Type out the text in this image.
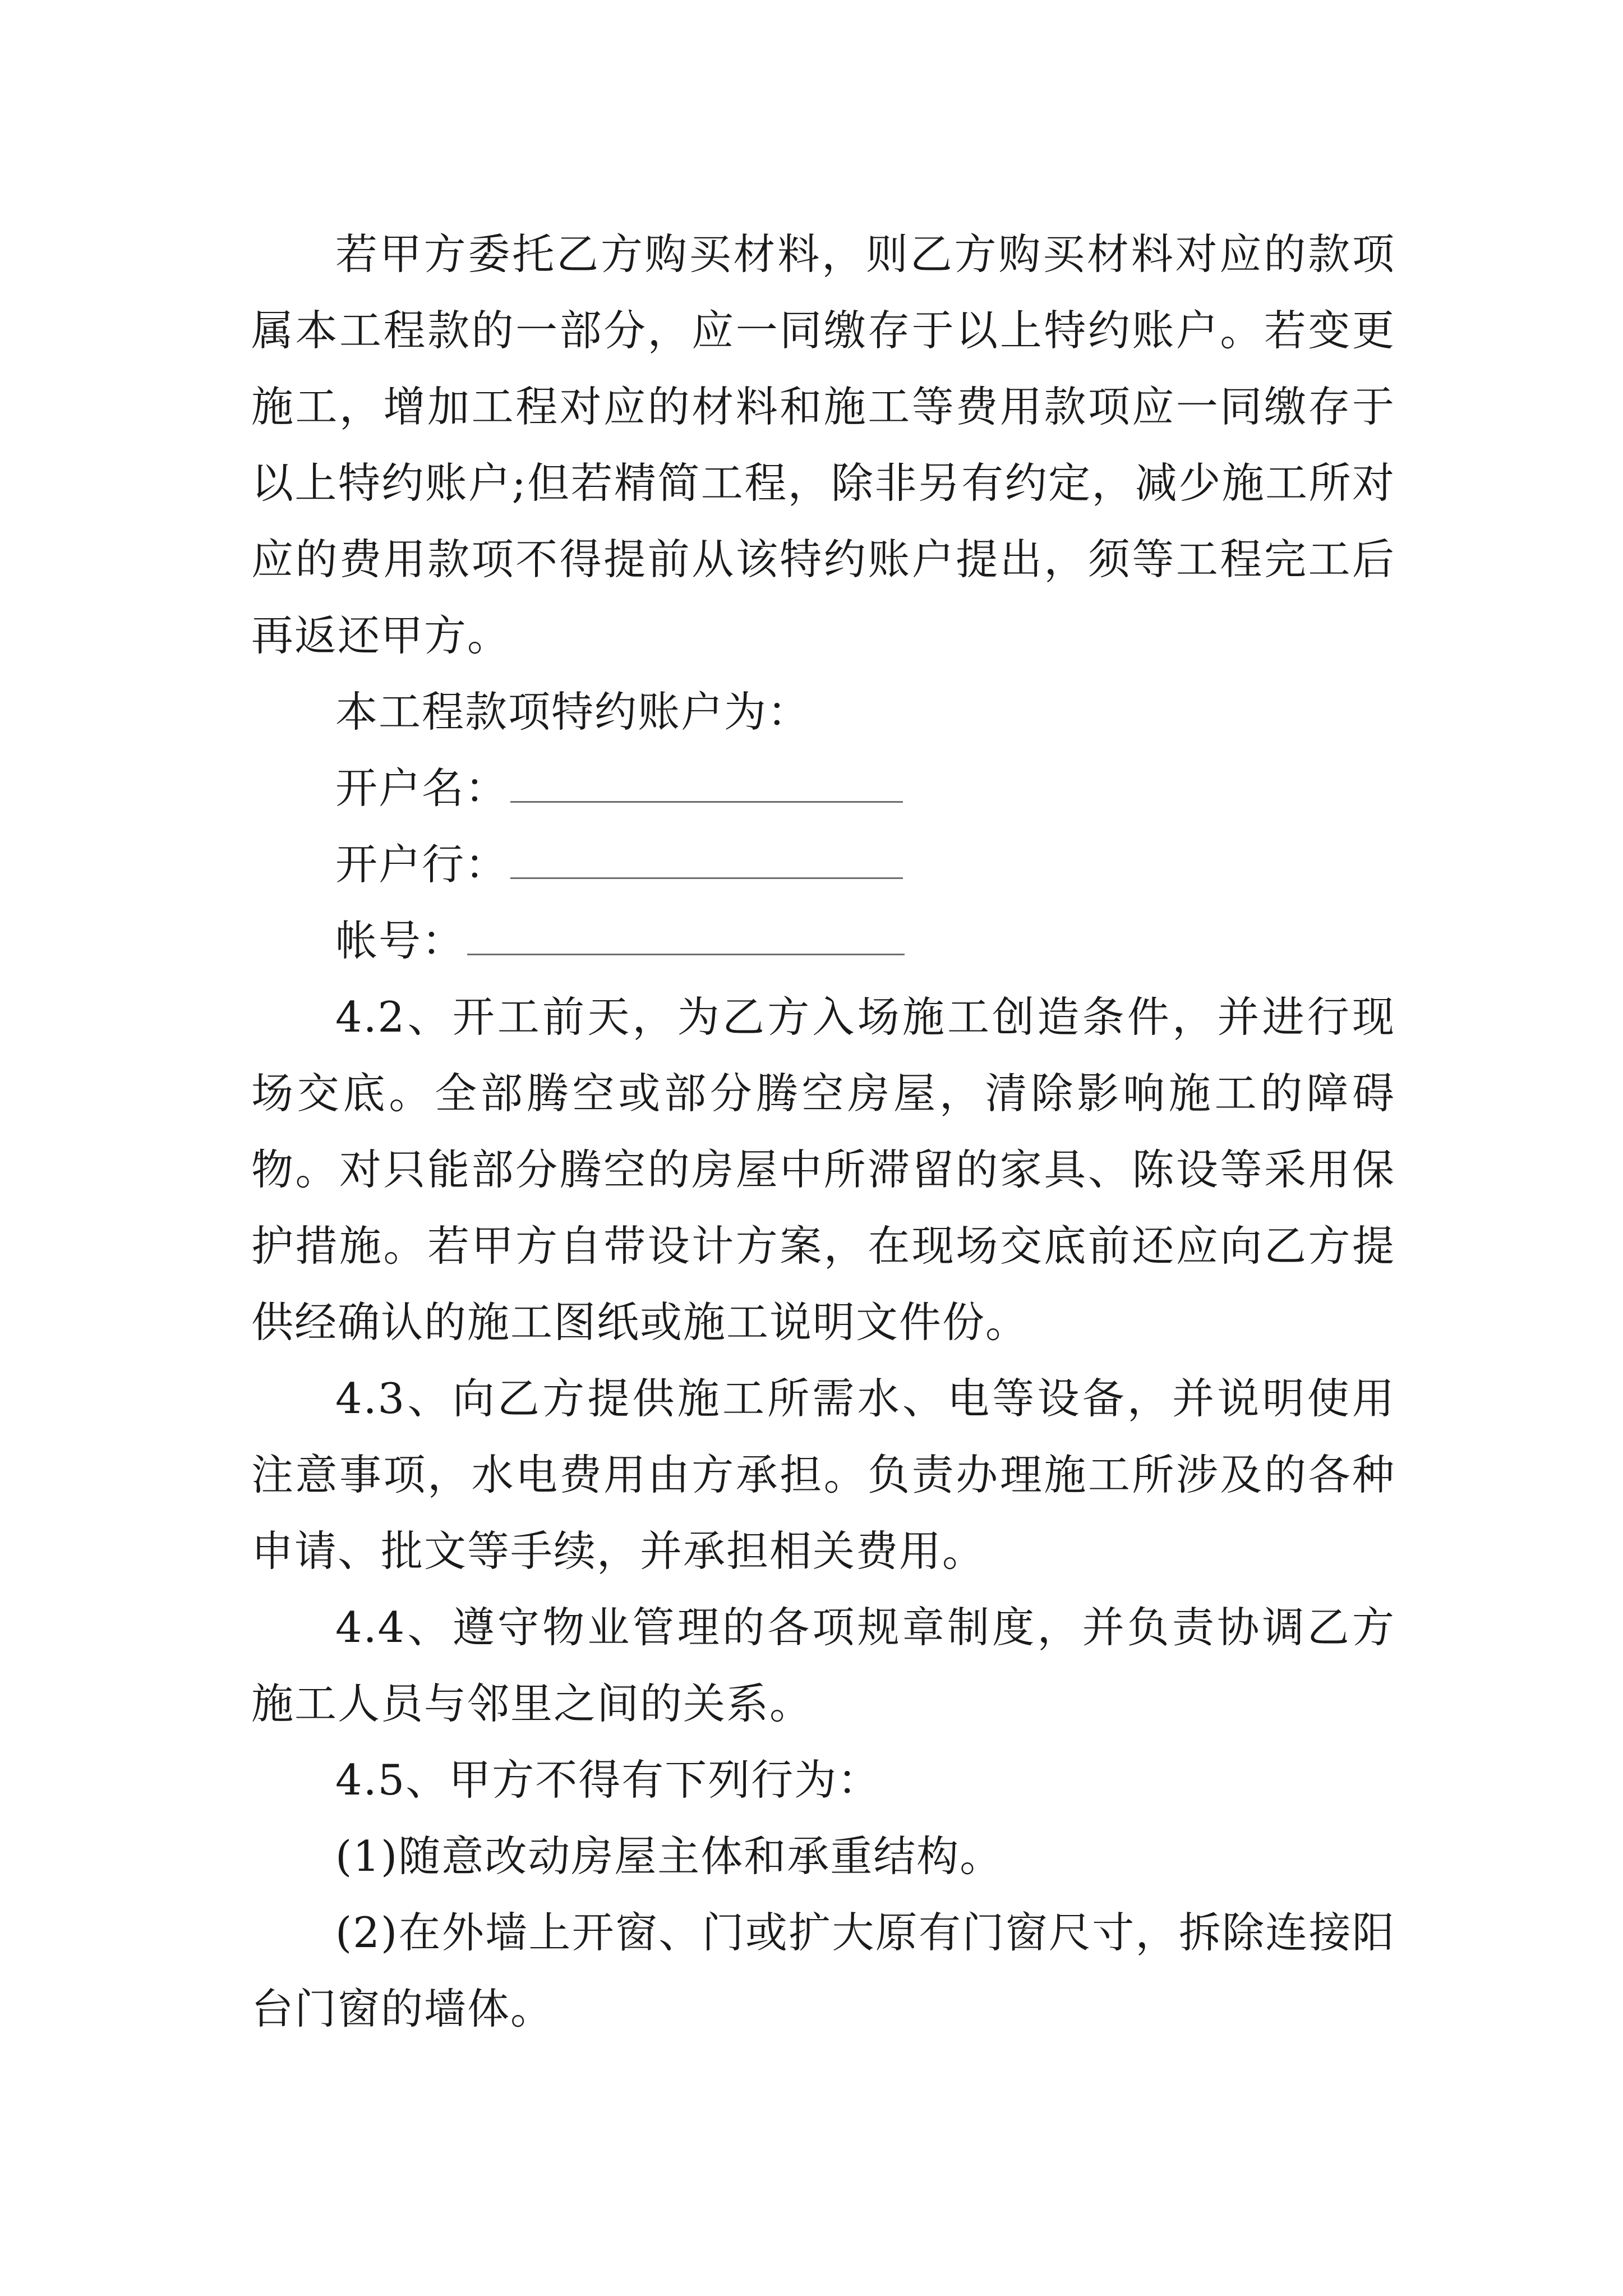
若甲方委托乙方购买材料，则乙方购买材料对应的款项属本工程款的一部分，应一同缴存于以上特约账户。若变更施工，增加工程对应的材料和施工等费用款项应一同缴存于以上特约账户;但若精简工程，除非另有约定，减少施工所对应的费用款项不得提前从该特约账户提出，须等工程完工后再返还甲方。

本工程款项特约账户为：

开户名：
开户行：
帐号：

4.2、开工前天，为乙方入场施工创造条件，并进行现场交底。全部腾空或部分腾空房屋，清除影响施工的障碍物。对只能部分腾空的房屋中所滞留的家具、陈设等采用保护措施。若甲方自带设计方案，在现场交底前还应向乙方提供经确认的施工图纸或施工说明文件份。

4.3、向乙方提供施工所需水、电等设备，并说明使用注意事项，水电费用由方承担。负责办理施工所涉及的各种申请、批文等手续，并承担相关费用。

4.4、遵守物业管理的各项规章制度，并负责协调乙方施工人员与邻里之间的关系。

4.5、甲方不得有下列行为：

(1)随意改动房屋主体和承重结构。

(2)在外墙上开窗、门或扩大原有门窗尺寸，拆除连接阳台门窗的墙体。
